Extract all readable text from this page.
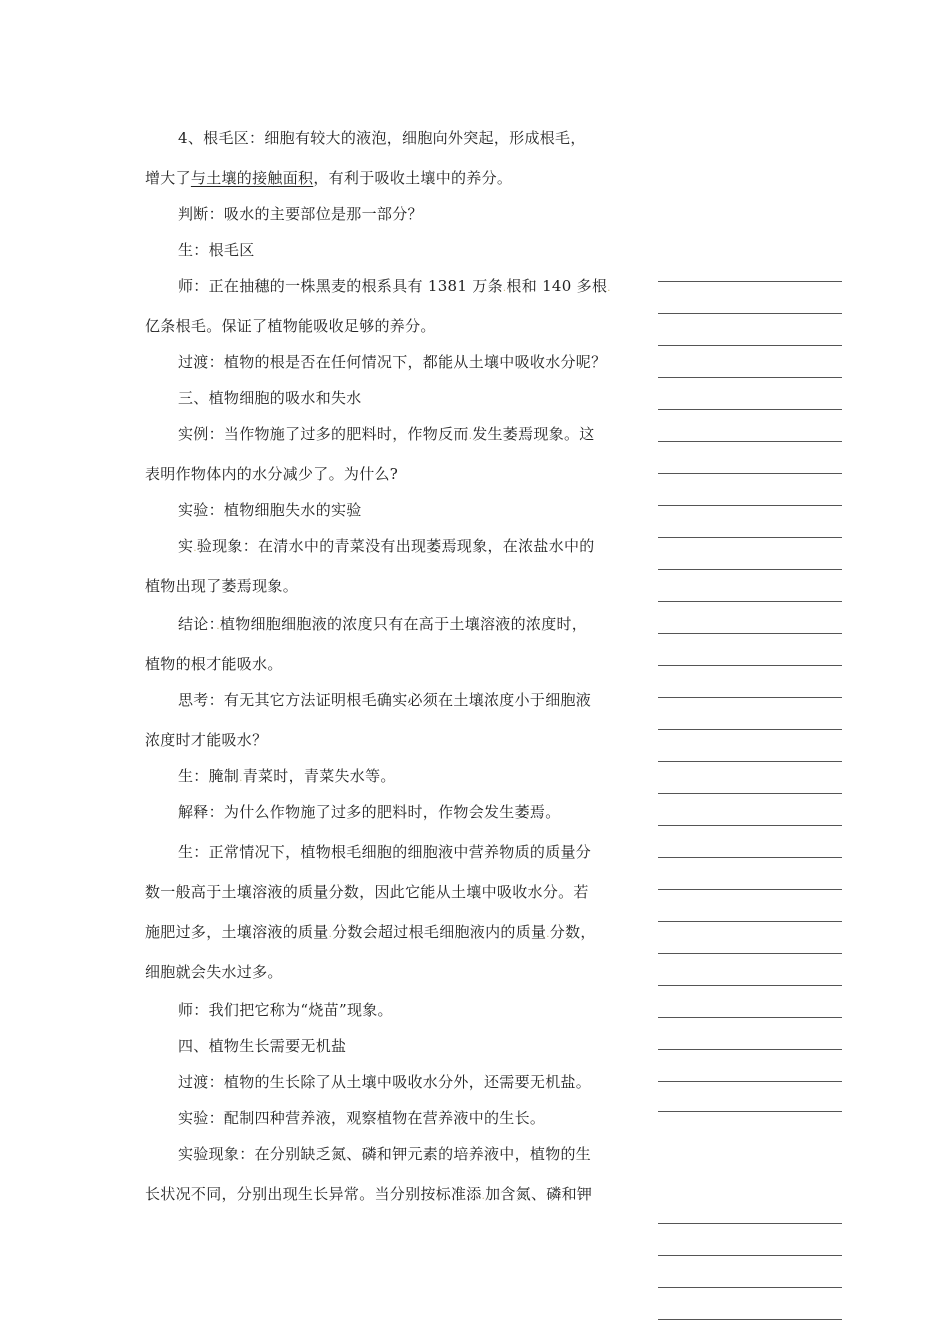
4、根毛区：细胞有较大的液泡，细胞向外突起，形成根毛，
增大了与土壤的接触面积，有利于吸收土壤中的养分。
判断：吸水的主要部位是那一部分？
生：根毛区
师：正在抽穗的一株黑麦的根系具有 1381 万条$_\cdot$根和 140 多根$_\cdot$
亿条根毛。保证了植物能吸收足够的养分。
过渡：植物的根是否在任何情况下，都能从土壤中吸收水分呢？
三、植物细胞的吸水和失水
实例：当作物施了过多的肥料时，作物反而$_\cdot$发生萎焉现象。这
表明作物体内的水分减少了。为什么?
实验：植物细胞失水的实验
实$_\cdot$验现象：在清水中的青菜没有出现萎焉现象，在浓盐水中的
植物出现了萎焉现象。
结论：$_\cdot$植物细胞细胞液的浓度只有在高于土壤溶液的浓度时，
植物的根才能吸水。
思考：有无其它方法证明根毛确实必须在土壤浓度小于细胞液
浓度时才能吸水？
生：腌制$_\cdot$青菜时，青菜失水等。
解释：为什么作物施了过多的肥料时，作物会发生萎焉。
生：正常情况下，植物根毛细胞的细胞液中营养物质的质量分
数一般高于土壤溶液的质量分数，因此它能从土壤中吸收水分。若
施肥过多，土壤溶液的质量$_\cdot$分数会超过根毛细胞液内的质量$_\cdot$分数，
细胞就会失水过多。
师：我们把它称为“烧苗”现象。
四、植物生长需要无机盐
过渡：植物的生长除了从土壤中吸收水分外，还需要无机盐。
实验：配制四种营养液，观察植物在营养液中的生长。
实验现象：在分别缺乏氮、磷和钾元素的培养液中，植物的生
长状况不同，分别出现生长异常。当分别按标准添$_\cdot$加含氮、磷和钾
